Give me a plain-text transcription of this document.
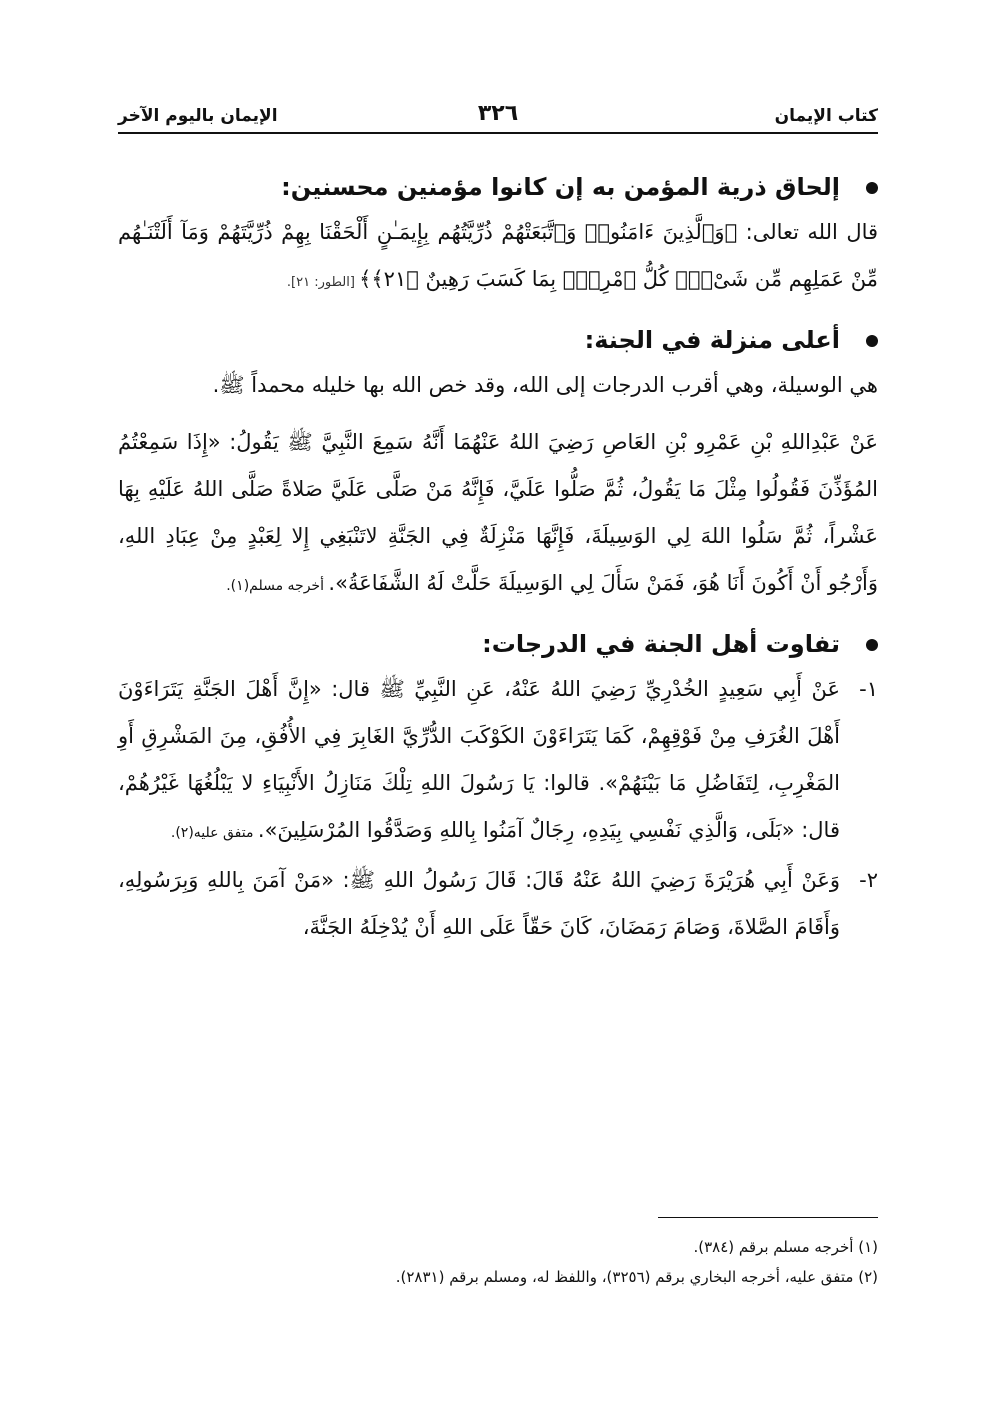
كتاب الإيمان
٣٢٦
الإيمان باليوم الآخر
إلحاق ذرية المؤمن به إن كانوا مؤمنين محسنين:

قال الله تعالى: ﴿وَٱلَّذِينَ ءَامَنُوا۟ وَٱتَّبَعَتْهُمْ ذُرِّيَّتُهُم بِإِيمَـٰنٍ أَلْحَقْنَا بِهِمْ ذُرِّيَّتَهُمْ وَمَآ أَلَتْنَـٰهُم مِّنْ عَمَلِهِم مِّن شَىْءٍۚ كُلُّ ٱمْرِئٍۭ بِمَا كَسَبَ رَهِينٌ ﴿٢١﴾﴾ [الطور: ٢١].

أعلى منزلة في الجنة:

هي الوسيلة، وهي أقرب الدرجات إلى الله، وقد خص الله بها خليله محمداً ﷺ.

عَنْ عَبْدِاللهِ بْنِ عَمْرِو بْنِ العَاصِ رَضِيَ اللهُ عَنْهُمَا أَنَّهُ سَمِعَ النَّبِيَّ ﷺ يَقُولُ: «إِذَا سَمِعْتُمُ المُؤَذِّنَ فَقُولُوا مِثْلَ مَا يَقُولُ، ثُمَّ صَلُّوا عَلَيَّ، فَإِنَّهُ مَنْ صَلَّى عَلَيَّ صَلاةً صَلَّى اللهُ عَلَيْهِ بِهَا عَشْراً، ثُمَّ سَلُوا اللهَ لِي الوَسِيلَةَ، فَإِنَّهَا مَنْزِلَةٌ فِي الجَنَّةِ لاتَنْبَغِي إِلا لِعَبْدٍ مِنْ عِبَادِ اللهِ، وَأَرْجُو أَنْ أَكُونَ أَنَا هُوَ، فَمَنْ سَأَلَ لِي الوَسِيلَةَ حَلَّتْ لَهُ الشَّفَاعَةُ». أخرجه مسلم(١).

تفاوت أهل الجنة في الدرجات:
١-

عَنْ أَبِي سَعِيدٍ الخُدْرِيِّ رَضِيَ اللهُ عَنْهُ، عَنِ النَّبِيِّ ﷺ قال: «إِنَّ أَهْلَ الجَنَّةِ يَتَرَاءَوْنَ أَهْلَ الغُرَفِ مِنْ فَوْقِهِمْ، كَمَا يَتَرَاءَوْنَ الكَوْكَبَ الدُّرِّيَّ الغَابِرَ فِي الأُفُقِ، مِنَ المَشْرِقِ أَوِ المَغْرِبِ، لِتَفَاضُلِ مَا بَيْنَهُمْ». قالوا: يَا رَسُولَ اللهِ تِلْكَ مَنَازِلُ الأَنْبِيَاءِ لا يَبْلُغُهَا غَيْرُهُمْ، قال: «بَلَى، وَالَّذِي نَفْسِي بِيَدِهِ، رِجَالٌ آمَنُوا بِاللهِ وَصَدَّقُوا المُرْسَلِينَ». متفق عليه(٢).

٢-

وَعَنْ أَبِي هُرَيْرَةَ رَضِيَ اللهُ عَنْهُ قَالَ: قَالَ رَسُولُ اللهِ ﷺ: «مَنْ آمَنَ بِاللهِ وَبِرَسُولِهِ، وَأَقَامَ الصَّلاةَ، وَصَامَ رَمَضَانَ، كَانَ حَقّاً عَلَى اللهِ أَنْ يُدْخِلَهُ الجَنَّةَ،

(١) أخرجه مسلم برقم (٣٨٤).

(٢) متفق عليه، أخرجه البخاري برقم (٣٢٥٦)، واللفظ له، ومسلم برقم (٢٨٣١).
